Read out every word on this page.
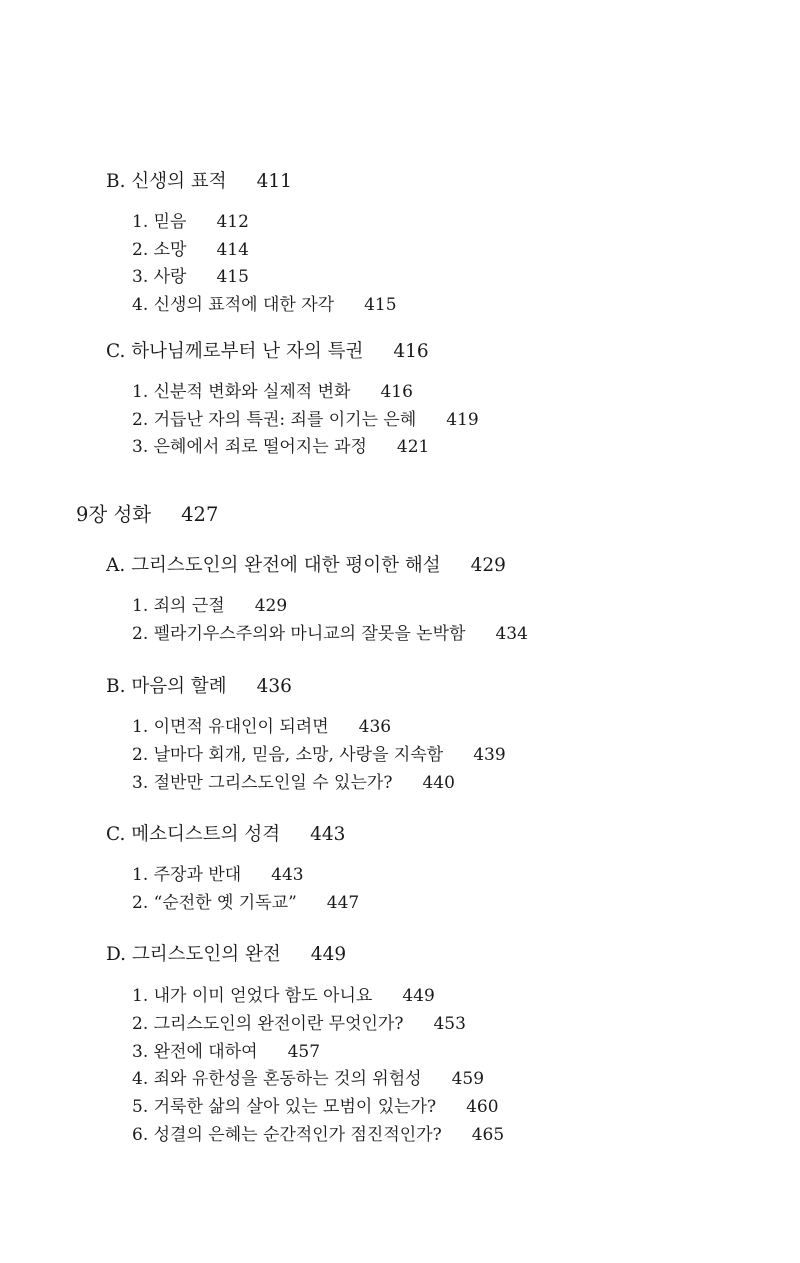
B. 신생의 표적 411
1. 믿음 412
2. 소망 414
3. 사랑 415
4. 신생의 표적에 대한 자각 415
C. 하나님께로부터 난 자의 특권 416
1. 신분적 변화와 실제적 변화 416
2. 거듭난 자의 특권: 죄를 이기는 은혜 419
3. 은혜에서 죄로 떨어지는 과정 421
9장 성화 427
A. 그리스도인의 완전에 대한 평이한 해설 429
1. 죄의 근절 429
2. 펠라기우스주의와 마니교의 잘못을 논박함 434
B. 마음의 할례 436
1. 이면적 유대인이 되려면 436
2. 날마다 회개, 믿음, 소망, 사랑을 지속함 439
3. 절반만 그리스도인일 수 있는가? 440
C. 메소디스트의 성격 443
1. 주장과 반대 443
2. “순전한 옛 기독교” 447
D. 그리스도인의 완전 449
1. 내가 이미 얻었다 함도 아니요 449
2. 그리스도인의 완전이란 무엇인가? 453
3. 완전에 대하여 457
4. 죄와 유한성을 혼동하는 것의 위험성 459
5. 거룩한 삶의 살아 있는 모범이 있는가? 460
6. 성결의 은혜는 순간적인가 점진적인가? 465
